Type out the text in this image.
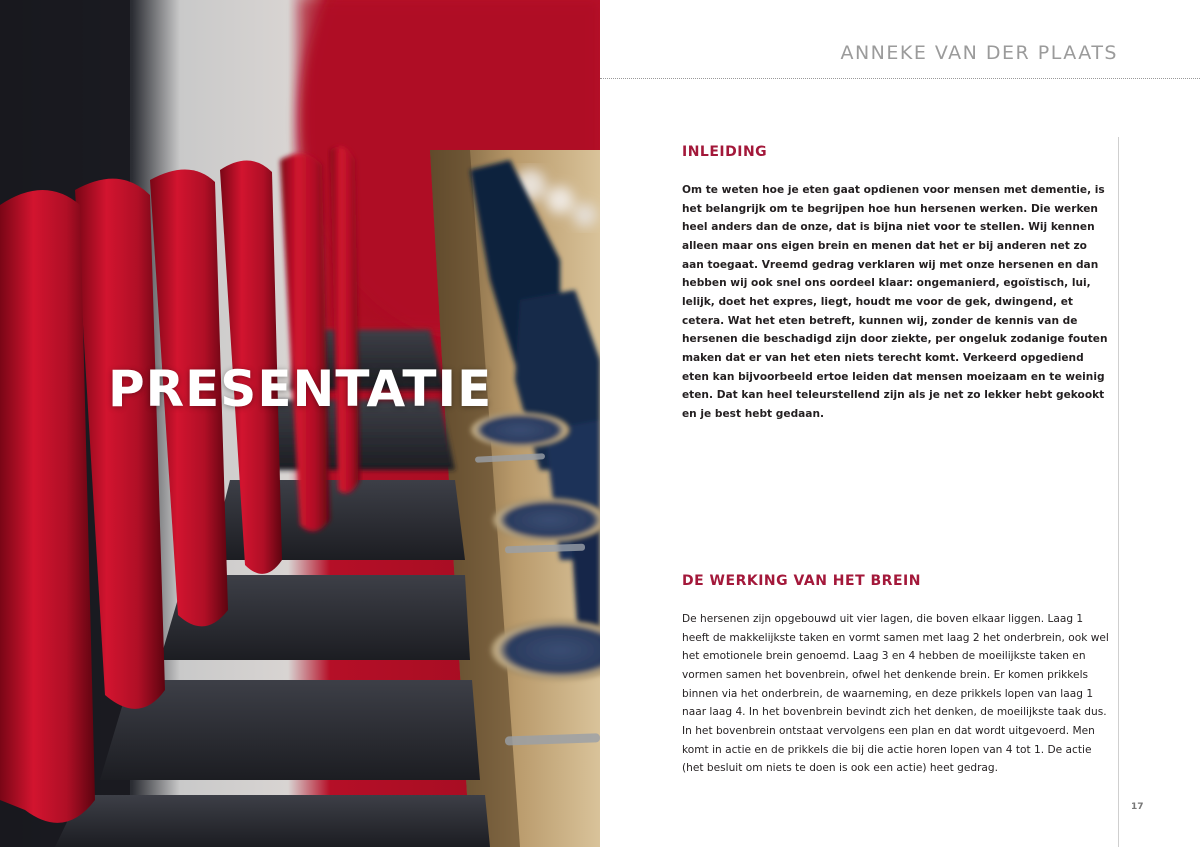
PRESENTATIE
ANNEKE VAN DER PLAATS
INLEIDING

Om te weten hoe je eten gaat opdienen voor mensen met dementie, is het belangrijk om te begrijpen hoe hun hersenen werken. Die werken heel anders dan de onze, dat is bijna niet voor te stellen. Wij kennen alleen maar ons eigen brein en menen dat het er bij anderen net zo aan toegaat. Vreemd gedrag verklaren wij met onze hersenen en dan hebben wij ook snel ons oordeel klaar: ongemanierd, egoïstisch, lui, lelijk, doet het expres, liegt, houdt me voor de gek, dwingend, et cetera. Wat het eten betreft, kunnen wij, zonder de kennis van de hersenen die beschadigd zijn door ziekte, per ongeluk zodanige fouten maken dat er van het eten niets terecht komt. Verkeerd opgediend eten kan bijvoorbeeld ertoe leiden dat mensen moeizaam en te weinig eten. Dat kan heel teleurstellend zijn als je net zo lekker hebt gekookt en je best hebt gedaan.

DE WERKING VAN HET BREIN

De hersenen zijn opgebouwd uit vier lagen, die boven elkaar liggen. Laag 1 heeft de makkelijkste taken en vormt samen met laag 2 het onderbrein, ook wel het emotionele brein genoemd. Laag 3 en 4 hebben de moeilijkste taken en vormen samen het bovenbrein, ofwel het denkende brein. Er komen prikkels binnen via het onderbrein, de waarneming, en deze prikkels lopen van laag 1 naar laag 4. In het bovenbrein bevindt zich het denken, de moeilijkste taak dus. In het bovenbrein ontstaat vervolgens een plan en dat wordt uitgevoerd. Men komt in actie en de prikkels die bij die actie horen lopen van 4 tot 1. De actie (het besluit om niets te doen is ook een actie) heet gedrag.

17
